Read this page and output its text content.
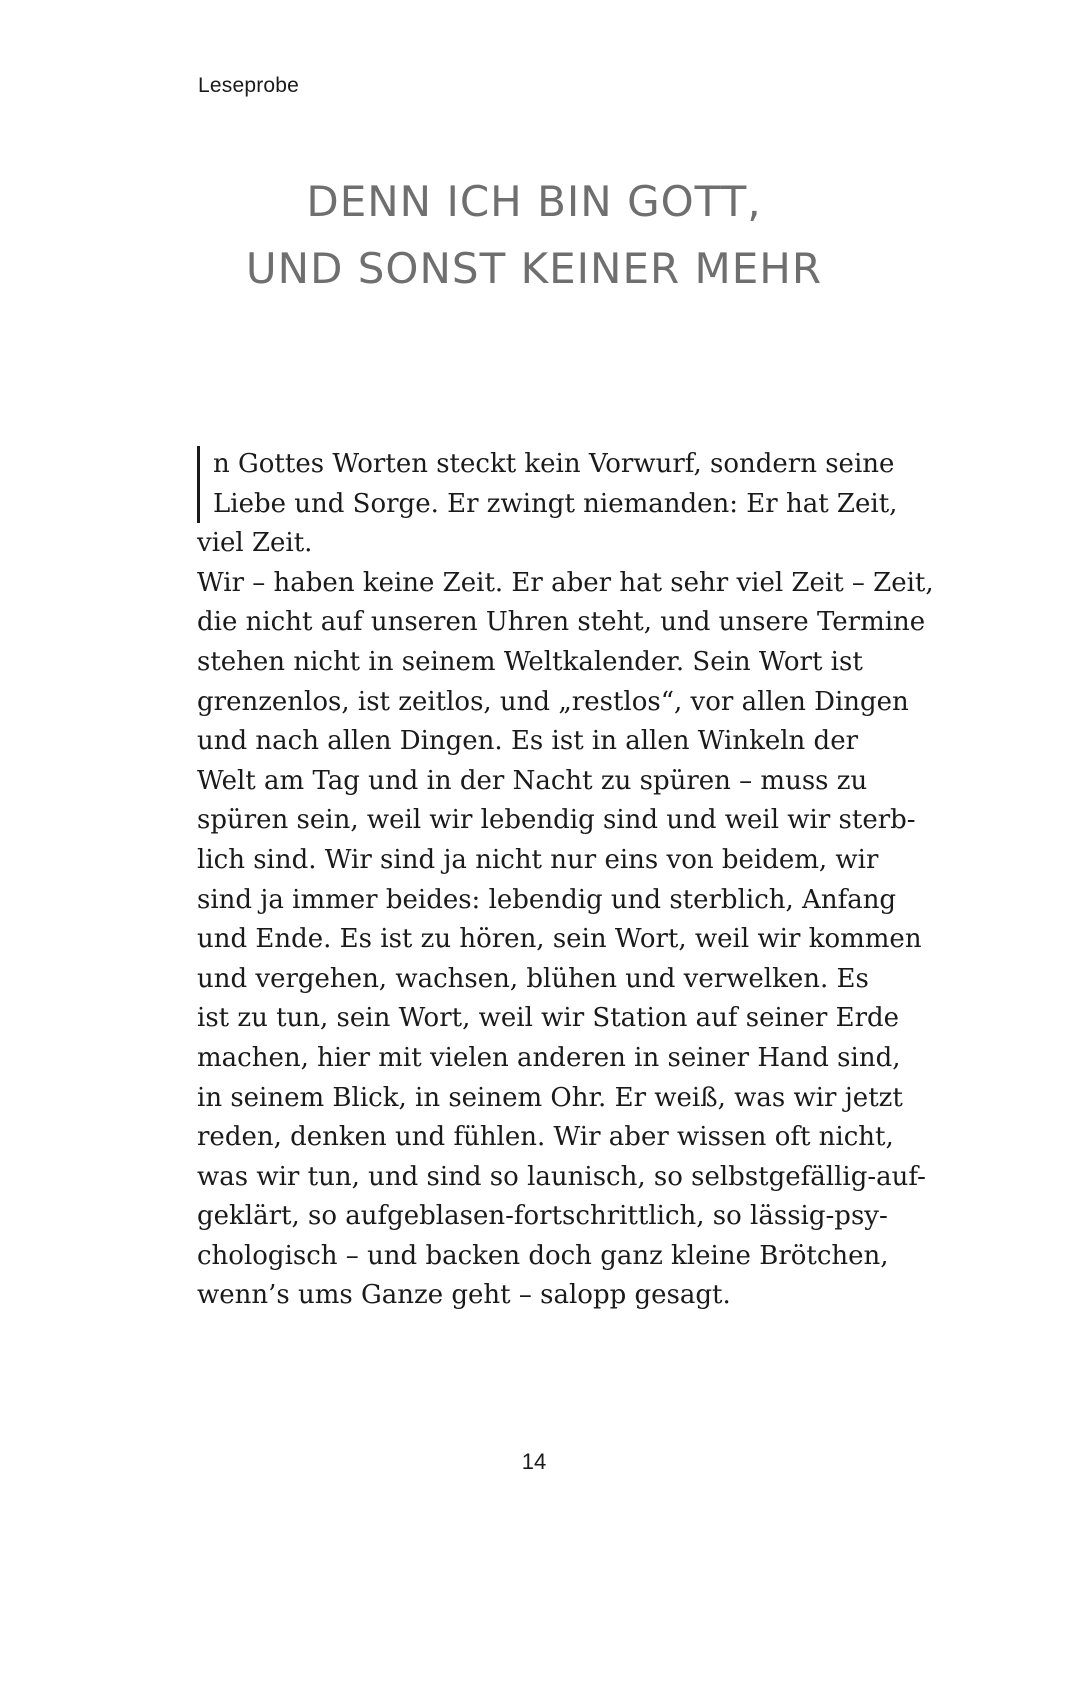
Leseprobe
DENN ICH BIN GOTT,
UND SONST KEINER MEHR
n Gottes Worten steckt kein Vorwurf, sondern seine
Liebe und Sorge. Er zwingt niemanden: Er hat Zeit,
viel Zeit.
Wir – haben keine Zeit. Er aber hat sehr viel Zeit – Zeit,
die nicht auf unseren Uhren steht, und unsere Termine
stehen nicht in seinem Weltkalender. Sein Wort ist
grenzenlos, ist zeitlos, und „restlos“, vor allen Dingen
und nach allen Dingen. Es ist in allen Winkeln der
Welt am Tag und in der Nacht zu spüren – muss zu
spüren sein, weil wir lebendig sind und weil wir sterb-
lich sind. Wir sind ja nicht nur eins von beidem, wir
sind ja immer beides: lebendig und sterblich, Anfang
und Ende. Es ist zu hören, sein Wort, weil wir kommen
und vergehen, wachsen, blühen und verwelken. Es
ist zu tun, sein Wort, weil wir Station auf seiner Erde
machen, hier mit vielen anderen in seiner Hand sind,
in seinem Blick, in seinem Ohr. Er weiß, was wir jetzt
reden, denken und fühlen. Wir aber wissen oft nicht,
was wir tun, und sind so launisch, so selbstgefällig-auf-
geklärt, so aufgeblasen-fortschrittlich, so lässig-psy-
chologisch – und backen doch ganz kleine Brötchen,
wenn’s ums Ganze geht – salopp gesagt.
14
